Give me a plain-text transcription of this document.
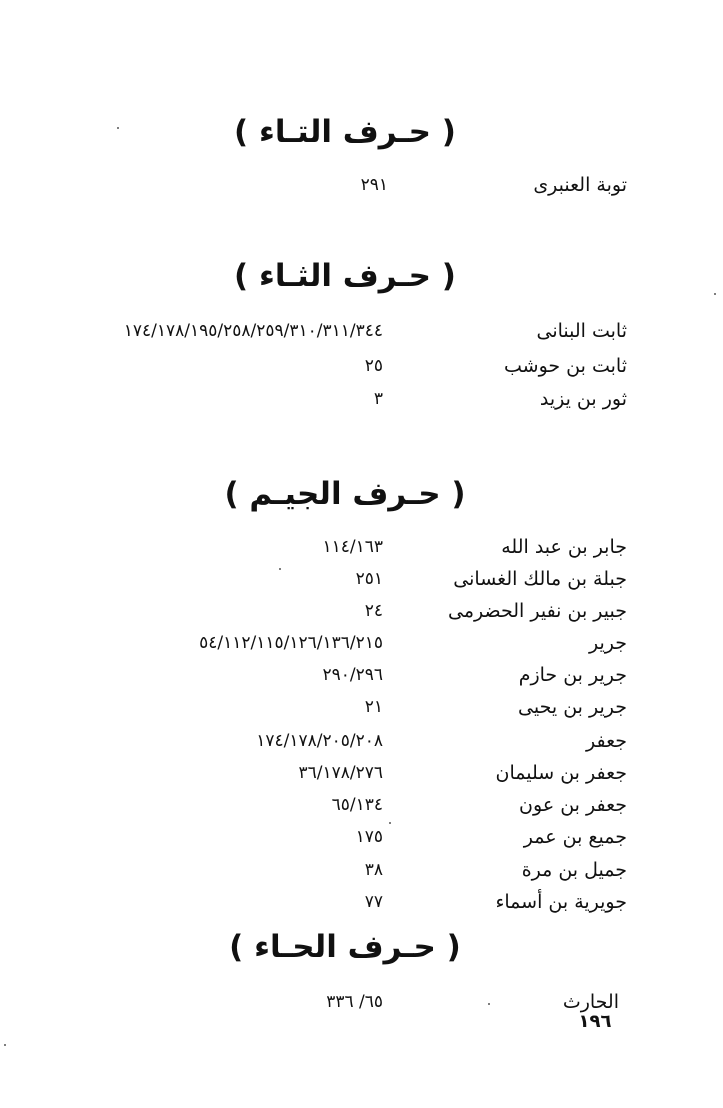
( حـرف التـاء )
توبة العنبرى
٢٩١
( حـرف الثـاء )
ثابت البنانى
١٧٤/١٧٨/١٩٥/٢٥٨/٢٥٩/٣١٠/٣١١/٣٤٤
ثابت بن حوشب
٢٥
ثور بن يزيد
٣
( حـرف الجيـم )
جابر بن عبد الله
١١٤/١٦٣
جبلة بن مالك الغسانى
٢٥١
جبير بن نفير الحضرمى
٢٤
جرير
٥٤/١١٢/١١٥/١٢٦/١٣٦/٢١٥
جرير بن حازم
٢٩٠/٢٩٦
جرير بن يحيى
٢١
جعفر
١٧٤/١٧٨/٢٠٥/٢٠٨
جعفر بن سليمان
٣٦/١٧٨/٢٧٦
جعفر بن عون
٦٥/١٣٤
جميع بن عمر
١٧٥
جميل بن مرة
٣٨
جويرية بن أسماء
٧٧
( حـرف الحـاء )
الحارث
٦٥/ ٣٣٦
١٩٦
